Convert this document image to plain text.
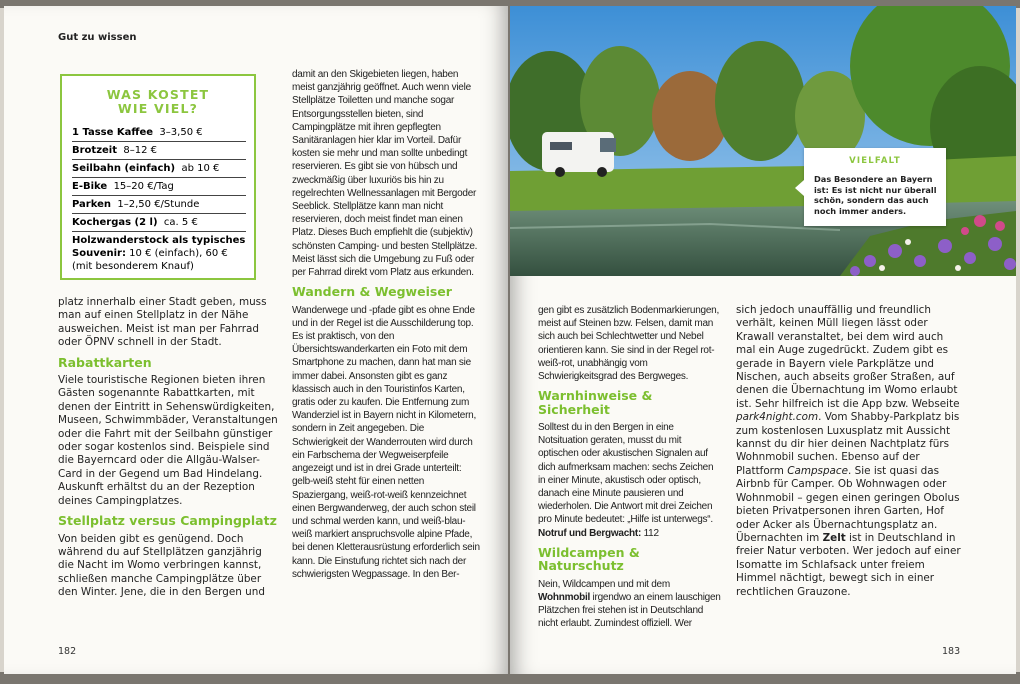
Gut zu wissen
WAS KOSTET
WIE VIEL?
1 Tasse Kaffee 3–3,50 €
Brotzeit 8–12 €
Seilbahn (einfach) ab 10 €
E-Bike 15–20 €/Tag
Parken 1–2,50 €/Stunde
Kochergas (2 l) ca. 5 €
Holzwanderstock als typisches Souvenir: 10 € (einfach), 60 € (mit besonderem Knauf)

platz innerhalb einer Stadt geben, muss man auf einen Stellplatz in der Nähe ausweichen. Meist ist man per Fahrrad oder ÖPNV schnell in der Stadt.

Rabattkarten

Viele touristische Regionen bieten ihren Gästen sogenannte Rabattkarten, mit denen der Eintritt in Sehenswürdigkeiten, Museen, Schwimmbäder, Veranstaltungen oder die Fahrt mit der Seilbahn günstiger oder sogar kostenlos sind. Beispiele sind die Bayerncard oder die Allgäu-Walser-Card in der Gegend um Bad Hindelang. Auskunft erhältst du an der Rezeption deines Campingplatzes.

Stellplatz versus Campingplatz

Von beiden gibt es genügend. Doch während du auf Stellplätzen ganzjährig die Nacht im Womo verbringen kannst, schließen manche Campingplätze über den Winter. Jene, die in den Bergen und

damit an den Skigebieten liegen, haben meist ganzjährig geöffnet. Auch wenn viele Stellplätze Toiletten und manche sogar Entsorgungsstellen bieten, sind Campingplätze mit ihren gepflegten Sanitäranlagen hier klar im Vorteil. Dafür kosten sie mehr und man sollte unbedingt reservieren. Es gibt sie von hübsch und zweckmäßig über luxuriös bis hin zu regelrechten Wellnessanlagen mit Bergoder Seeblick. Stellplätze kann man nicht reservieren, doch meist findet man einen Platz. Dieses Buch empfiehlt die (subjektiv) schönsten Camping- und besten Stellplätze. Meist lässt sich die Umgebung zu Fuß oder per Fahrrad direkt vom Platz aus erkunden.

Wandern & Wegweiser

Wanderwege und -pfade gibt es ohne Ende und in der Regel ist die Ausschilderung top. Es ist praktisch, von den Übersichtswanderkarten ein Foto mit dem Smartphone zu machen, dann hat man sie immer dabei. Ansonsten gibt es ganz klassisch auch in den Touristinfos Karten, gratis oder zu kaufen. Die Entfernung zum Wanderziel ist in Bayern nicht in Kilometern, sondern in Zeit angegeben. Die Schwierigkeit der Wanderrouten wird durch ein Farbschema der Wegweiserpfeile angezeigt und ist in drei Grade unterteilt: gelb-weiß steht für einen netten Spaziergang, weiß-rot-weiß kennzeichnet einen Bergwanderweg, der auch schon steil und schmal werden kann, und weiß-blau-weiß markiert anspruchsvolle alpine Pfade, bei denen Kletterausrüstung erforderlich sein kann. Die Einstufung richtet sich nach der schwierigsten Wegpassage. In den Ber-

182
VIELFALT
Das Besondere an Bayern ist: Es ist nicht nur überall schön, sondern das auch noch immer anders.

gen gibt es zusätzlich Bodenmarkierungen, meist auf Steinen bzw. Felsen, damit man sich auch bei Schlechtwetter und Nebel orientieren kann. Sie sind in der Regel rot-weiß-rot, unabhängig vom Schwierigkeitsgrad des Bergweges.

Warnhinweise & Sicherheit

Solltest du in den Bergen in eine Notsituation geraten, musst du mit optischen oder akustischen Signalen auf dich aufmerksam machen: sechs Zeichen in einer Minute, akustisch oder optisch, danach eine Minute pausieren und wiederholen. Die Antwort mit drei Zeichen pro Minute bedeutet: „Hilfe ist unterwegs“. Notruf und Bergwacht: 112

Wildcampen & Naturschutz

Nein, Wildcampen und mit dem Wohnmobil irgendwo an einem lauschigen Plätzchen frei stehen ist in Deutschland nicht erlaubt. Zumindest offiziell. Wer

sich jedoch unauffällig und freundlich verhält, keinen Müll liegen lässt oder Krawall veranstaltet, bei dem wird auch mal ein Auge zugedrückt. Zudem gibt es gerade in Bayern viele Parkplätze und Nischen, auch abseits großer Straßen, auf denen die Übernachtung im Womo erlaubt ist. Sehr hilfreich ist die App bzw. Webseite park4night.com. Vom Shabby-Parkplatz bis zum kostenlosen Luxusplatz mit Aussicht kannst du dir hier deinen Nachtplatz fürs Wohnmobil suchen. Ebenso auf der Plattform Campspace. Sie ist quasi das Airbnb für Camper. Ob Wohnwagen oder Wohnmobil – gegen einen geringen Obolus bieten Privatpersonen ihren Garten, Hof oder Acker als Übernachtungsplatz an. Übernachten im Zelt ist in Deutschland in freier Natur verboten. Wer jedoch auf einer Isomatte im Schlafsack unter freiem Himmel nächtigt, bewegt sich in einer rechtlichen Grauzone.

183
